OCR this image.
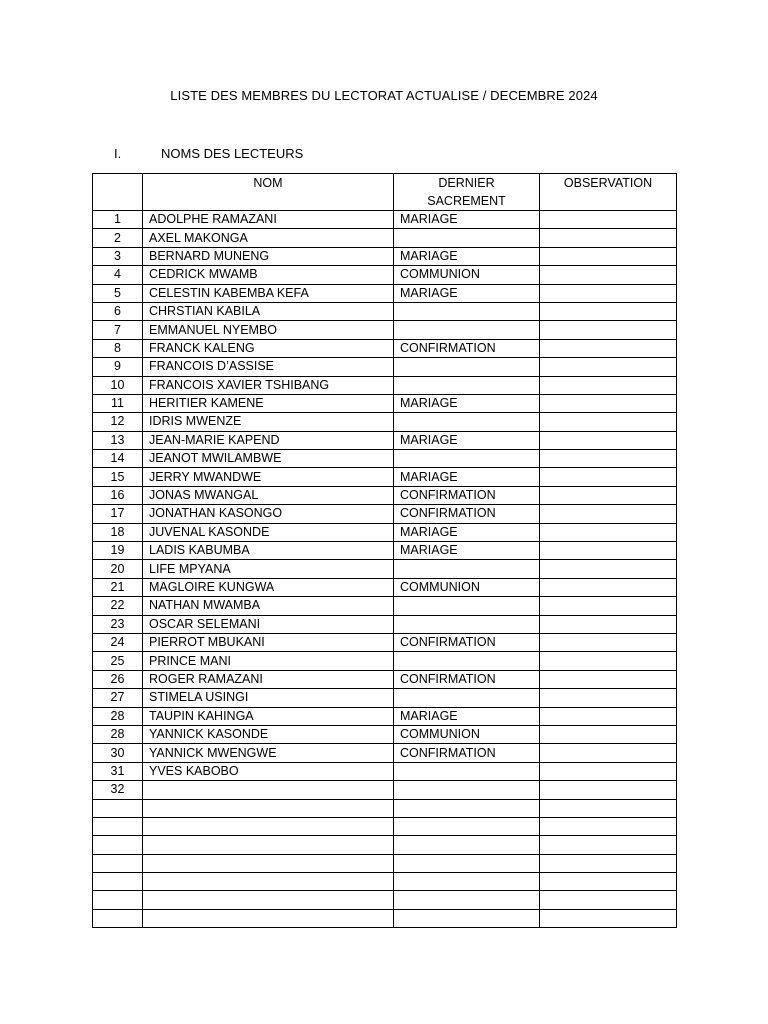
LISTE DES MEMBRES DU LECTORAT ACTUALISE / DECEMBRE 2024
I.	NOMS DES LECTEURS
	NOM	DERNIER SACREMENT	OBSERVATION
1	ADOLPHE RAMAZANI	MARIAGE	
2	AXEL MAKONGA		
3	BERNARD MUNENG	MARIAGE	
4	CEDRICK MWAMB	COMMUNION	
5	CELESTIN KABEMBA KEFA	MARIAGE	
6	CHRSTIAN KABILA		
7	EMMANUEL NYEMBO		
8	FRANCK KALENG	CONFIRMATION	
9	FRANCOIS D’ASSISE		
10	FRANCOIS XAVIER TSHIBANG		
11	HERITIER KAMENE	MARIAGE	
12	IDRIS MWENZE		
13	JEAN-MARIE KAPEND	MARIAGE	
14	JEANOT MWILAMBWE		
15	JERRY MWANDWE	MARIAGE	
16	JONAS MWANGAL	CONFIRMATION	
17	JONATHAN KASONGO	CONFIRMATION	
18	JUVENAL KASONDE	MARIAGE	
19	LADIS KABUMBA	MARIAGE	
20	LIFE MPYANA		
21	MAGLOIRE KUNGWA	COMMUNION	
22	NATHAN MWAMBA		
23	OSCAR SELEMANI		
24	PIERROT MBUKANI	CONFIRMATION	
25	PRINCE MANI		
26	ROGER RAMAZANI	CONFIRMATION	
27	STIMELA USINGI		
28	TAUPIN KAHINGA	MARIAGE	
28	YANNICK KASONDE	COMMUNION	
30	YANNICK MWENGWE	CONFIRMATION	
31	YVES KABOBO		
32			
